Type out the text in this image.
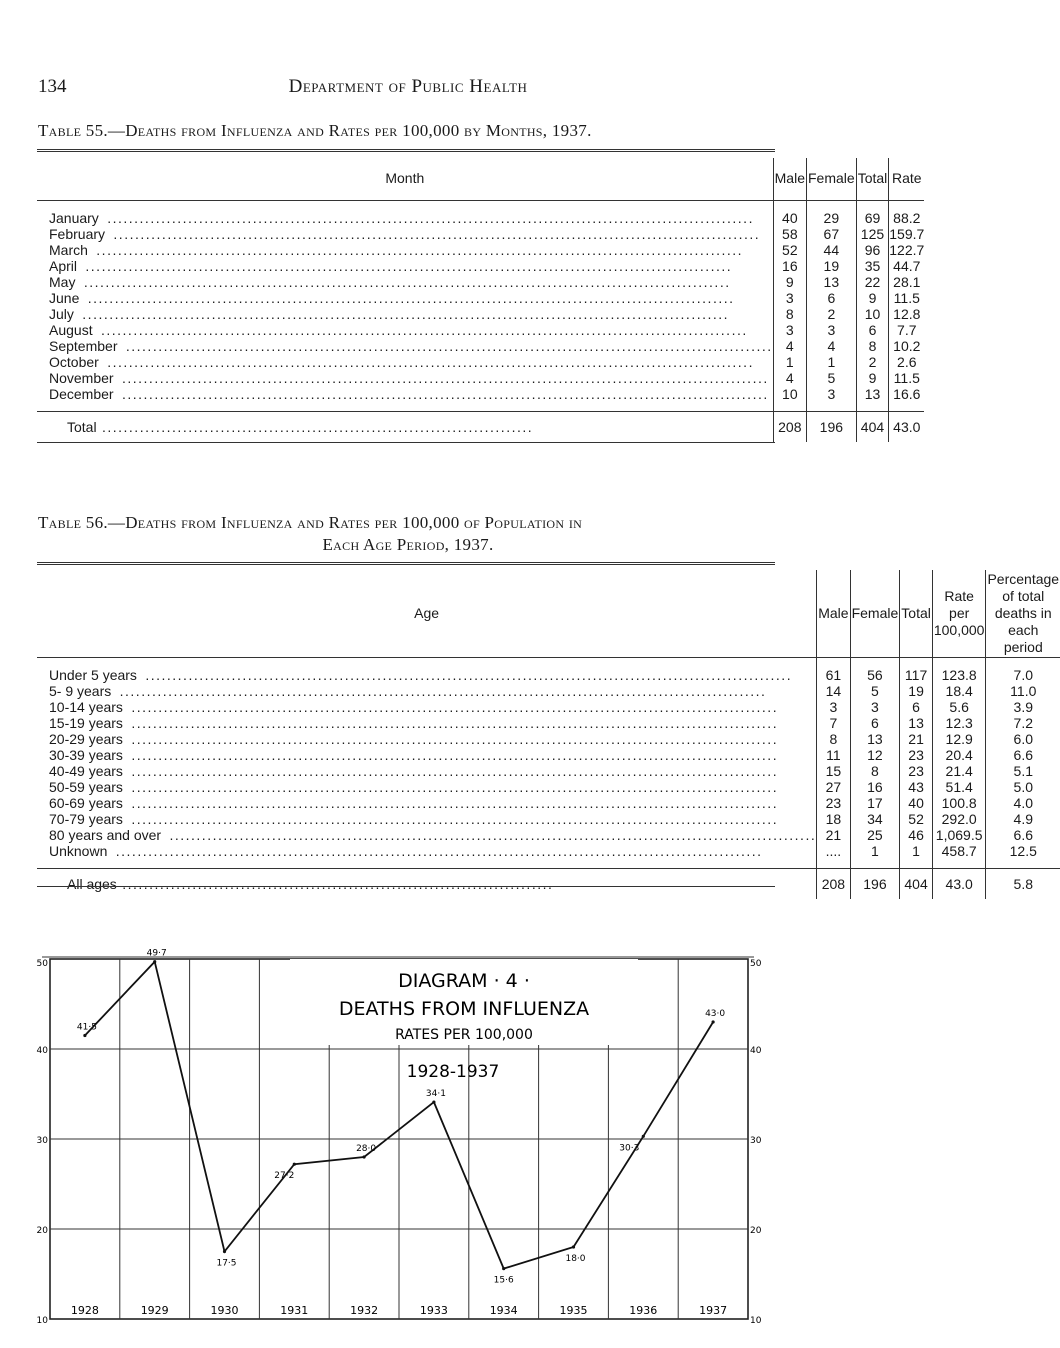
134	Department of Public Health
Table 55.—Deaths from Influenza and Rates per 100,000 by Months, 1937.
Month	Male	Female	Total	Rate

January ........................................................................................................................	40	29	69	88.2
February ........................................................................................................................	58	67	125	159.7
March ........................................................................................................................	52	44	96	122.7
April ........................................................................................................................	16	19	35	44.7
May ........................................................................................................................	9	13	22	28.1
June ........................................................................................................................	3	6	9	11.5
July ........................................................................................................................	8	2	10	12.8
August ........................................................................................................................	3	3	6	7.7
September ........................................................................................................................	4	4	8	10.2
October ........................................................................................................................	1	1	2	2.6
November ........................................................................................................................	4	5	9	11.5
December ........................................................................................................................	10	3	13	16.6

Total ................................................................................	208	196	404	43.0
Table 56.—Deaths from Influenza and Rates per 100,000 of Population in
Each Age Period, 1937.
Age	Male	Female	Total	Rate per 100,000	Percentage of total deaths in each period

Under 5 years ........................................................................................................................	61	56	117	123.8	7.0
5- 9 years ........................................................................................................................	14	5	19	18.4	11.0
10-14 years ........................................................................................................................	3	3	6	5.6	3.9
15-19 years ........................................................................................................................	7	6	13	12.3	7.2
20-29 years ........................................................................................................................	8	13	21	12.9	6.0
30-39 years ........................................................................................................................	11	12	23	20.4	6.6
40-49 years ........................................................................................................................	15	8	23	21.4	5.1
50-59 years ........................................................................................................................	27	16	43	51.4	5.0
60-69 years ........................................................................................................................	23	17	40	100.8	4.0
70-79 years ........................................................................................................................	18	34	52	292.0	4.9
80 years and over ........................................................................................................................	21	25	46	1,069.5	6.6
Unknown ........................................................................................................................	....	1	1	458.7	12.5

All ages ................................................................................	208	196	404	43.0	5.8
DIAGRAM · 4 ·
DEATHS FROM INFLUENZA
RATES PER 100,000
1928-1937
41·5
49·7
17·5
27·2
28·0
34·1
15·6
18·0
30·3
43·0
1928	1929	1930	1931	1932	1933	1934	1935	1936	1937
50	50
40	40
30	30
20	20
10	10
